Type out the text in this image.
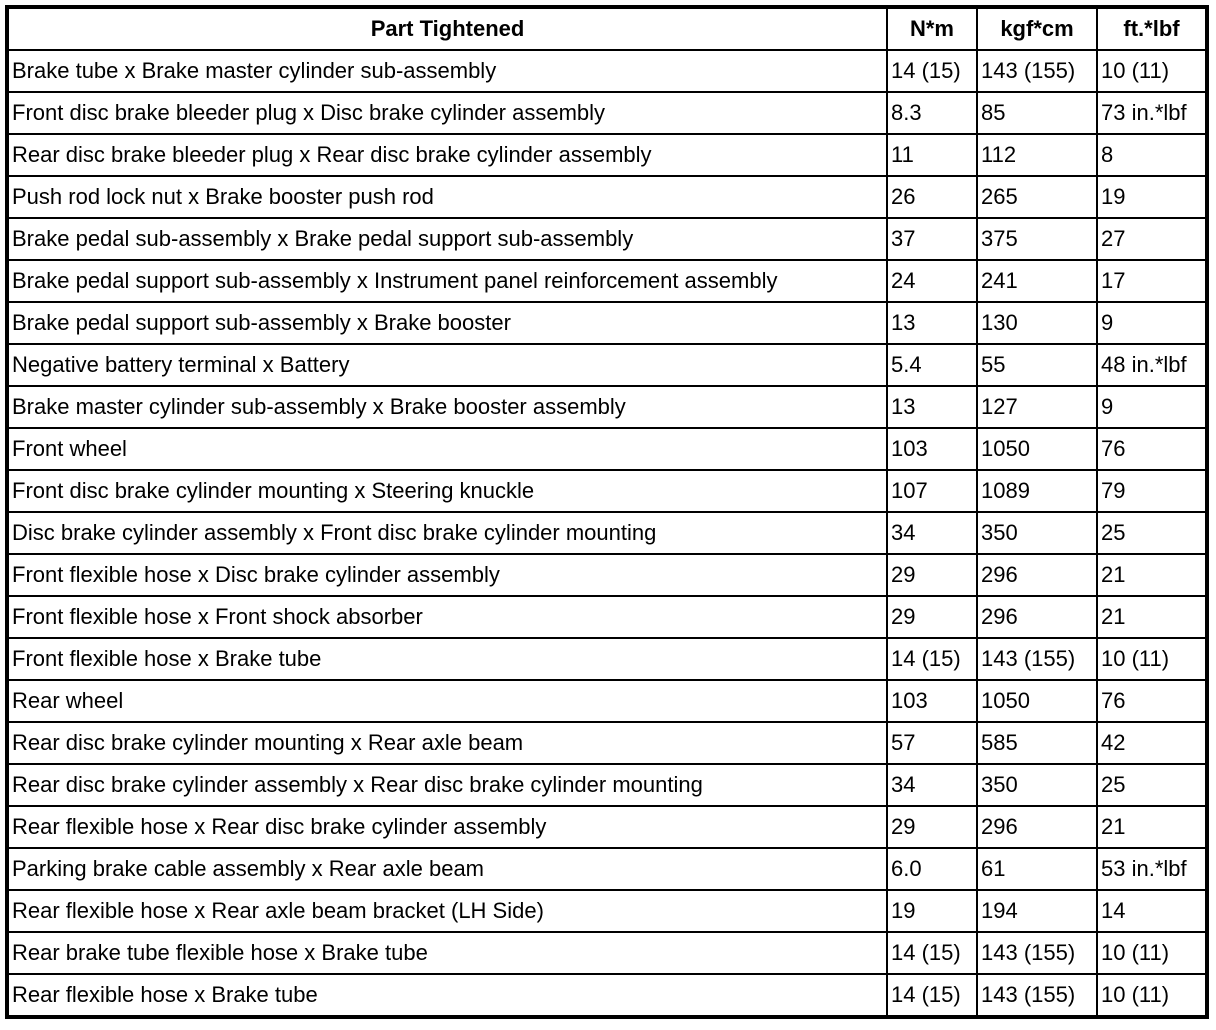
Part Tightened	N*m	kgf*cm	ft.*lbf
Brake tube x Brake master cylinder sub-assembly	14 (15)	143 (155)	10 (11)
Front disc brake bleeder plug x Disc brake cylinder assembly	8.3	85	73 in.*lbf
Rear disc brake bleeder plug x Rear disc brake cylinder assembly	11	112	8
Push rod lock nut x Brake booster push rod	26	265	19
Brake pedal sub-assembly x Brake pedal support sub-assembly	37	375	27
Brake pedal support sub-assembly x Instrument panel reinforcement assembly	24	241	17
Brake pedal support sub-assembly x Brake booster	13	130	9
Negative battery terminal x Battery	5.4	55	48 in.*lbf
Brake master cylinder sub-assembly x Brake booster assembly	13	127	9
Front wheel	103	1050	76
Front disc brake cylinder mounting x Steering knuckle	107	1089	79
Disc brake cylinder assembly x Front disc brake cylinder mounting	34	350	25
Front flexible hose x Disc brake cylinder assembly	29	296	21
Front flexible hose x Front shock absorber	29	296	21
Front flexible hose x Brake tube	14 (15)	143 (155)	10 (11)
Rear wheel	103	1050	76
Rear disc brake cylinder mounting x Rear axle beam	57	585	42
Rear disc brake cylinder assembly x Rear disc brake cylinder mounting	34	350	25
Rear flexible hose x Rear disc brake cylinder assembly	29	296	21
Parking brake cable assembly x Rear axle beam	6.0	61	53 in.*lbf
Rear flexible hose x Rear axle beam bracket (LH Side)	19	194	14
Rear brake tube flexible hose x Brake tube	14 (15)	143 (155)	10 (11)
Rear flexible hose x Brake tube	14 (15)	143 (155)	10 (11)
